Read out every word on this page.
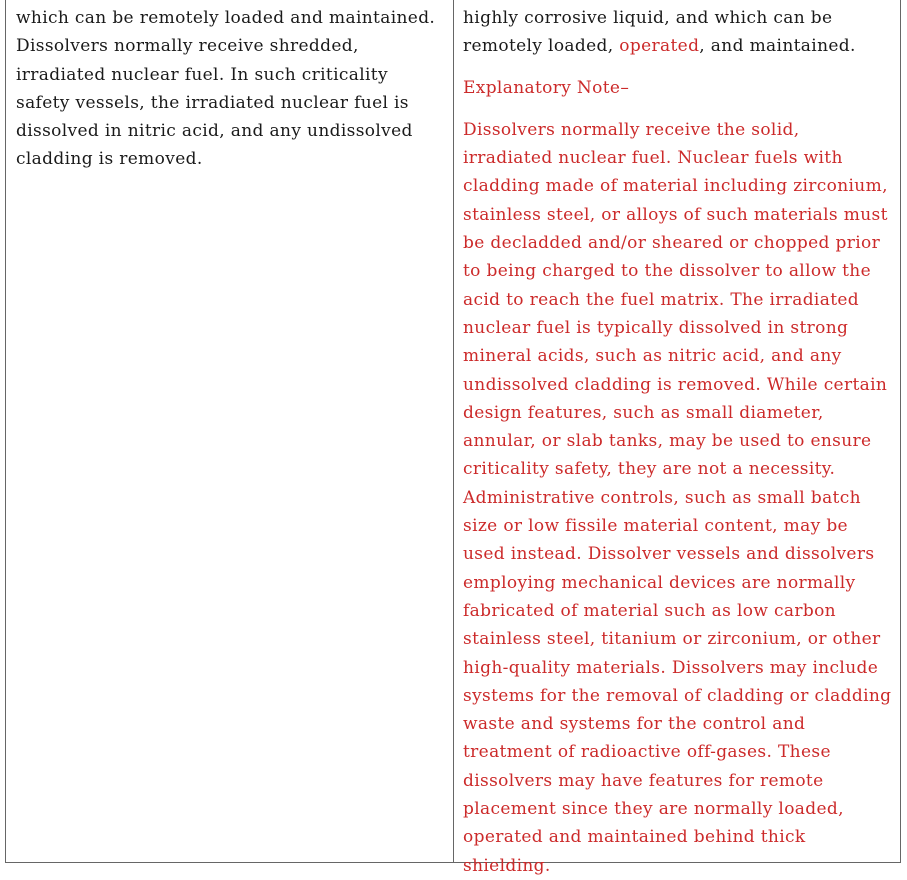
which can be remotely loaded and maintained. Dissolvers normally receive shredded, irradiated nuclear fuel. In such criticality safety vessels, the irradiated nuclear fuel is dissolved in nitric acid, and any undissolved cladding is removed.

highly corrosive liquid, and which can be remotely loaded, operated, and maintained.

Explanatory Note–

Dissolvers normally receive the solid, irradiated nuclear fuel. Nuclear fuels with cladding made of material including zirconium, stainless steel, or alloys of such materials must be decladded and/or sheared or chopped prior to being charged to the dissolver to allow the acid to reach the fuel matrix. The irradiated nuclear fuel is typically dissolved in strong mineral acids, such as nitric acid, and any undissolved cladding is removed. While certain design features, such as small diameter, annular, or slab tanks, may be used to ensure criticality safety, they are not a necessity. Administrative controls, such as small batch size or low fissile material content, may be used instead. Dissolver vessels and dissolvers employing mechanical devices are normally fabricated of material such as low carbon stainless steel, titanium or zirconium, or other high-quality materials. Dissolvers may include systems for the removal of cladding or cladding waste and systems for the control and treatment of radioactive off-gases. These dissolvers may have features for remote placement since they are normally loaded, operated and maintained behind thick shielding.
